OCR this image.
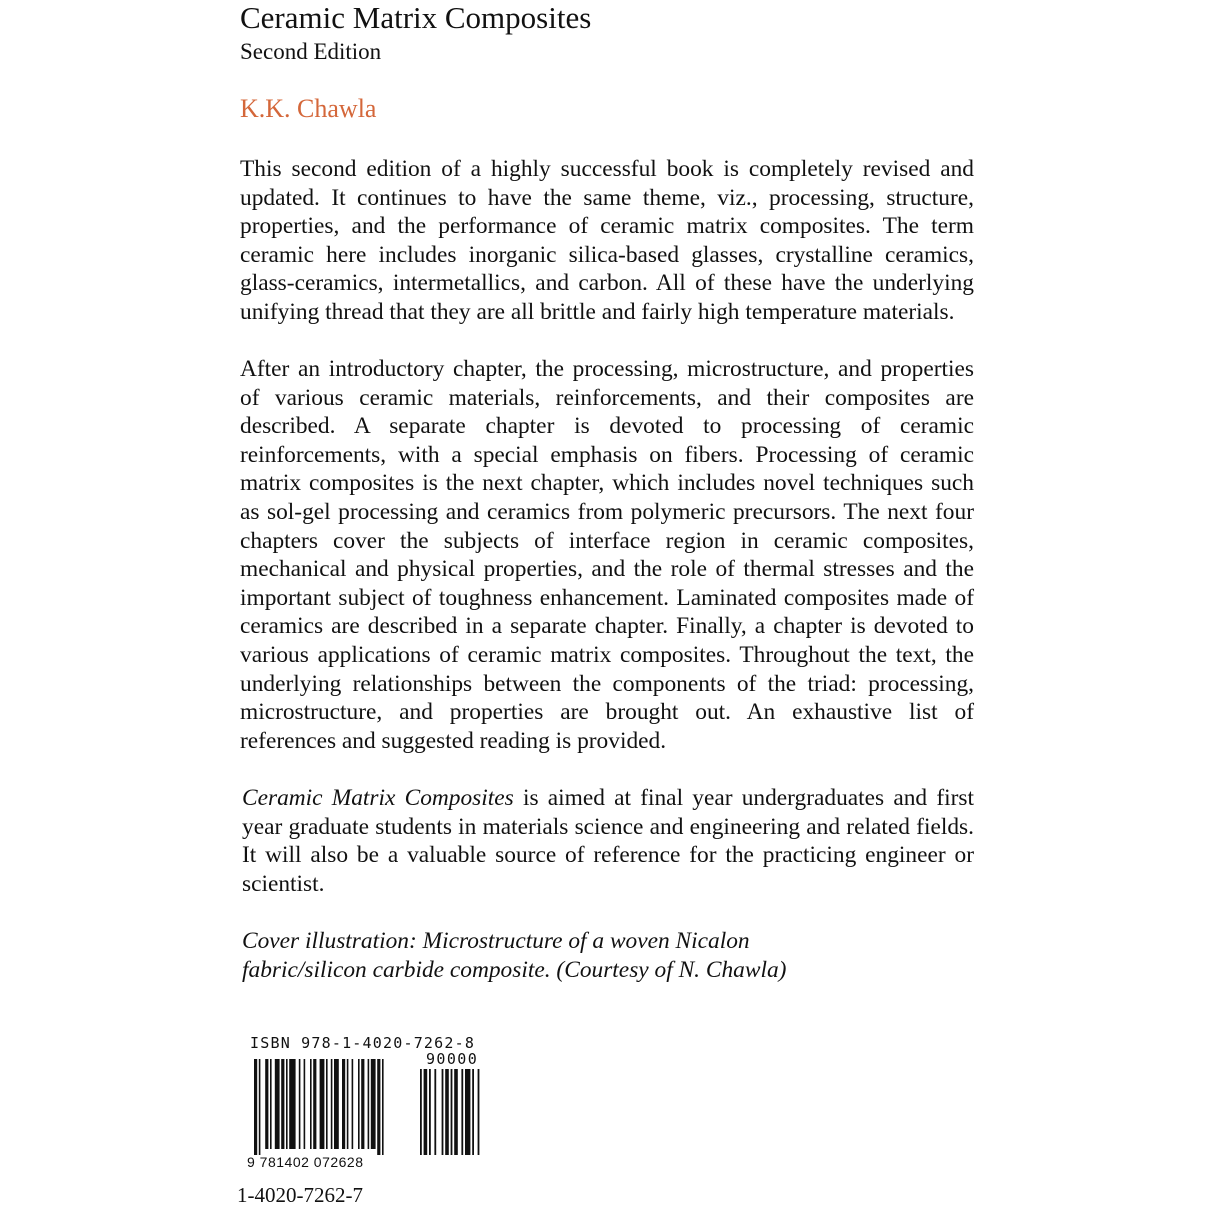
Ceramic Matrix Composites
Second Edition
K.K. Chawla

This second edition of a highly successful book is completely revised and updated. It continues to have the same theme, viz., processing, structure, properties, and the performance of ceramic matrix composites. The term ceramic here includes inorganic silica-based glasses, crystalline ceramics, glass-ceramics, intermetallics, and carbon. All of these have the underlying unifying thread that they are all brittle and fairly high temperature materials.

After an introductory chapter, the processing, microstructure, and properties of various ceramic materials, reinforcements, and their composites are described. A separate chapter is devoted to processing of ceramic reinforcements, with a special emphasis on fibers. Processing of ceramic matrix composites is the next chapter, which includes novel techniques such as sol-gel processing and ceramics from polymeric precursors. The next four chapters cover the subjects of interface region in ceramic composites, mechanical and physical properties, and the role of thermal stresses and the important subject of toughness enhancement. Laminated composites made of ceramics are described in a separate chapter. Finally, a chapter is devoted to various applications of ceramic matrix composites. Throughout the text, the underlying relationships between the components of the triad: processing, microstructure, and properties are brought out. An exhaustive list of references and suggested reading is provided.

Ceramic Matrix Composites is aimed at final year undergraduates and first year graduate students in materials science and engineering and related fields. It will also be a valuable source of reference for the practicing engineer or scientist.

Cover illustration: Microstructure of a woven Nicalon
fabric/silicon carbide composite. (Courtesy of N. Chawla)
ISBN 978-1-4020-7262-8
90000
9 781402 072628
1-4020-7262-7
